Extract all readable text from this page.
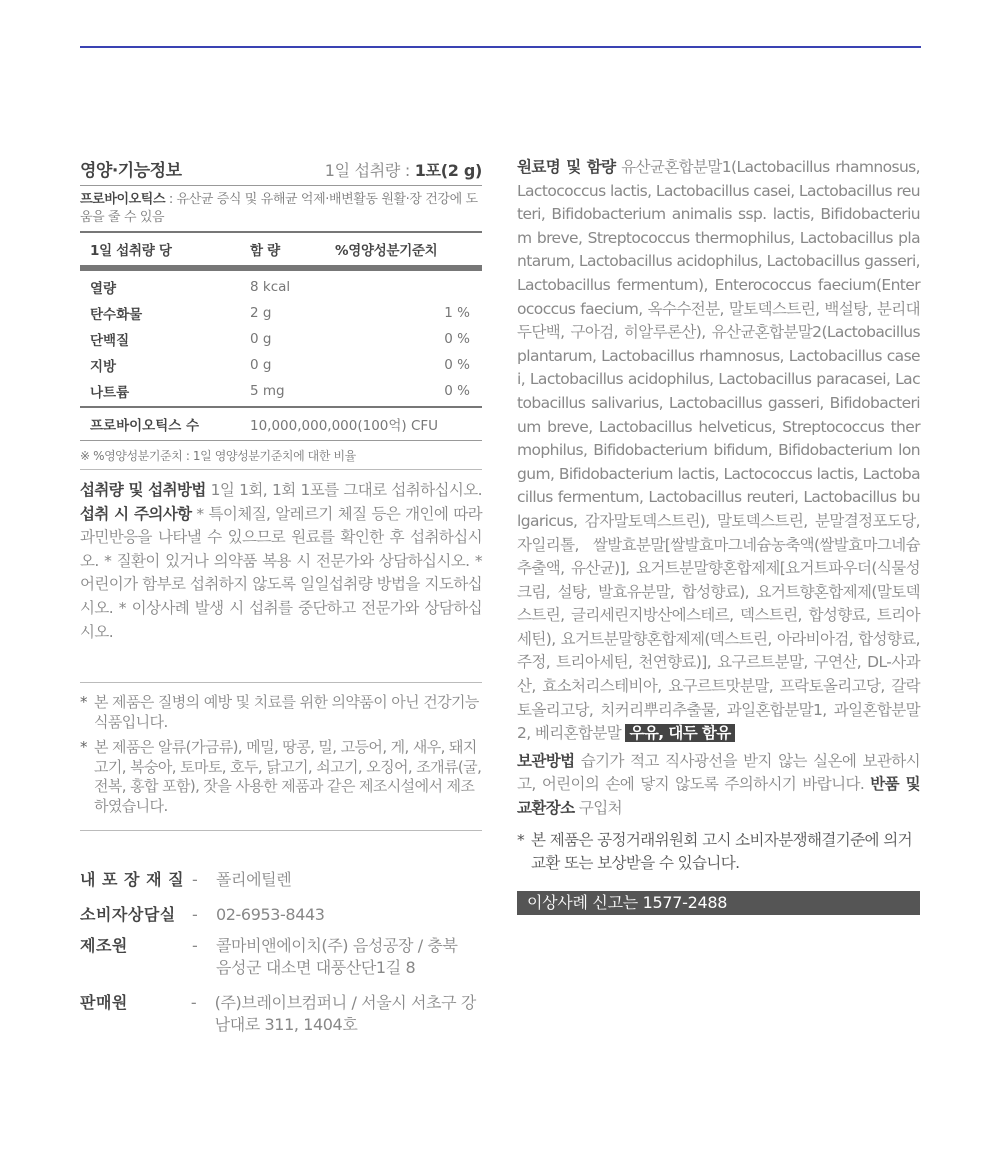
영양·기능정보	1일 섭취량 : 1포(2 g)
프로바이오틱스 : 유산균 증식 및 유해균 억제·배변활동 원활·장 건강에 도움을 줄 수 있음
1일 섭취량 당	함 량	%영양성분기준치
열량	8 kcal	
탄수화물	2 g	1 %
단백질	0 g	0 %
지방	0 g	0 %
나트륨	5 mg	0 %
프로바이오틱스 수	10,000,000,000(100억) CFU	
※ %영양성분기준치 : 1일 영양성분기준치에 대한 비율
섭취량 및 섭취방법 1일 1회, 1회 1포를 그대로 섭취하십시오. 섭취 시 주의사항 * 특이체질, 알레르기 체질 등은 개인에 따라 과민반응을 나타낼 수 있으므로 원료를 확인한 후 섭취하십시오. * 질환이 있거나 의약품 복용 시 전문가와 상담하십시오. * 어린이가 함부로 섭취하지 않도록 일일섭취량 방법을 지도하십시오. * 이상사례 발생 시 섭취를 중단하고 전문가와 상담하십시오.
* 본 제품은 질병의 예방 및 치료를 위한 의약품이 아닌 건강기능식품입니다.
* 본 제품은 알류(가금류), 메밀, 땅콩, 밀, 고등어, 게, 새우, 돼지고기, 복숭아, 토마토, 호두, 닭고기, 쇠고기, 오징어, 조개류(굴, 전복, 홍합 포함), 잣을 사용한 제품과 같은 제조시설에서 제조하였습니다.
내 포 장 재 질 -	폴리에틸렌
소비자상담실	-	02-6953-8443
제조원	-	콜마비앤에이치(주) 음성공장 / 충북 음성군 대소면 대풍산단1길 8
판매원	-	(주)브레이브컴퍼니 / 서울시 서초구 강남대로 311, 1404호
원료명 및 함량 유산균혼합분말1(Lactobacillus rhamnosus, Lactococcus lactis, Lactobacillus casei, Lactobacillus reuteri, Bifidobacterium animalis ssp. lactis, Bifidobacterium breve, Streptococcus thermophilus, Lactobacillus plantarum, Lactobacillus acidophilus, Lactobacillus gasseri, Lactobacillus fermentum), Enterococcus faecium(Enterococcus faecium, 옥수수전분, 말토덱스트린, 백설탕, 분리대두단백, 구아검, 히알루론산), 유산균혼합분말2(Lactobacillus plantarum, Lactobacillus rhamnosus, Lactobacillus casei, Lactobacillus acidophilus, Lactobacillus paracasei, Lactobacillus salivarius, Lactobacillus gasseri, Bifidobacterium breve, Lactobacillus helveticus, Streptococcus thermophilus, Bifidobacterium bifidum, Bifidobacterium longum, Bifidobacterium lactis, Lactococcus lactis, Lactobacillus fermentum, Lactobacillus reuteri, Lactobacillus bulgaricus, 감자말토덱스트린), 말토덱스트린, 분말결정포도당, 자일리톨, 쌀발효분말[쌀발효마그네슘농축액(쌀발효마그네슘추출액, 유산균)], 요거트분말향혼합제제[요거트파우더(식물성크림, 설탕, 발효유분말, 합성향료), 요거트향혼합제제(말토덱스트린, 글리세린지방산에스테르, 덱스트린, 합성향료, 트리아세틴), 요거트분말향혼합제제(덱스트린, 아라비아검, 합성향료, 주정, 트리아세틴, 천연향료)], 요구르트분말, 구연산, DL-사과산, 효소처리스테비아, 요구르트맛분말, 프락토올리고당, 갈락토올리고당, 치커리뿌리추출물, 과일혼합분말1, 과일혼합분말2, 베리혼합분말 우유, 대두 함유
보관방법 습기가 적고 직사광선을 받지 않는 실온에 보관하시고, 어린이의 손에 닿지 않도록 주의하시기 바랍니다. 반품 및 교환장소 구입처
* 본 제품은 공정거래위원회 고시 소비자분쟁해결기준에 의거 교환 또는 보상받을 수 있습니다.
이상사례 신고는 1577-2488
